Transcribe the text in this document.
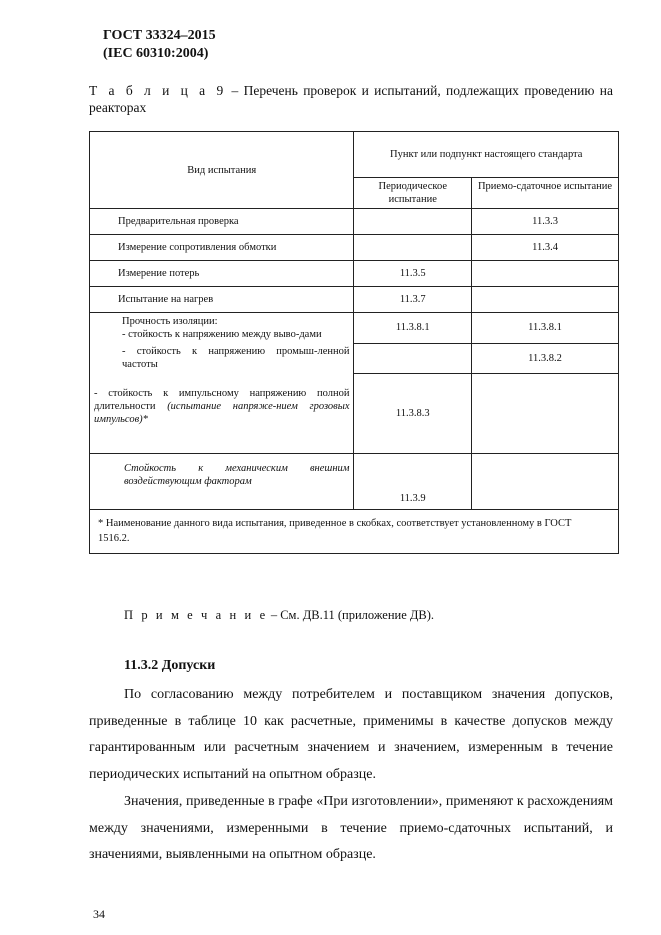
ГОСТ 33324–2015
(IEC 60310:2004)
Т а б л и ц а 9 – Перечень проверок и испытаний, подлежащих проведению на реакторах
Вид испытания	Пункт или подпункт настоящего стандарта	
	Периодическое испытание	Приемо-сдаточное испытание
Предварительная проверка		11.3.3
Измерение сопротивления обмотки		11.3.4
Измерение потерь	11.3.5	
Испытание на нагрев	11.3.7	

Прочность изоляции:
- стойкость к напряжению между выво-дами	11.3.8.1	11.3.8.1
- стойкость к напряжению промыш-ленной частоты		11.3.8.2
- стойкость к импульсному напряжению полной длительности (испытание напряже-нием грозовых импульсов)*	11.3.8.3	
Стойкость к механическим внешним воздействующим факторам	11.3.9	
* Наименование данного вида испытания, приведенное в скобках, соответствует установленному в ГОСТ 1516.2.		
П р и м е ч а н и е – См. ДВ.11 (приложение ДВ).
11.3.2 Допуски
По согласованию между потребителем и поставщиком значения допусков, приведенные в таблице 10 как расчетные, применимы в качестве допусков между гарантированным или расчетным значением и значением, измеренным в течение периодических испытаний на опытном образце.
Значения, приведенные в графе «При изготовлении», применяют к расхождениям между значениями, измеренными в течение приемо-сдаточных испытаний, и значениями, выявленными на опытном образце.
34
